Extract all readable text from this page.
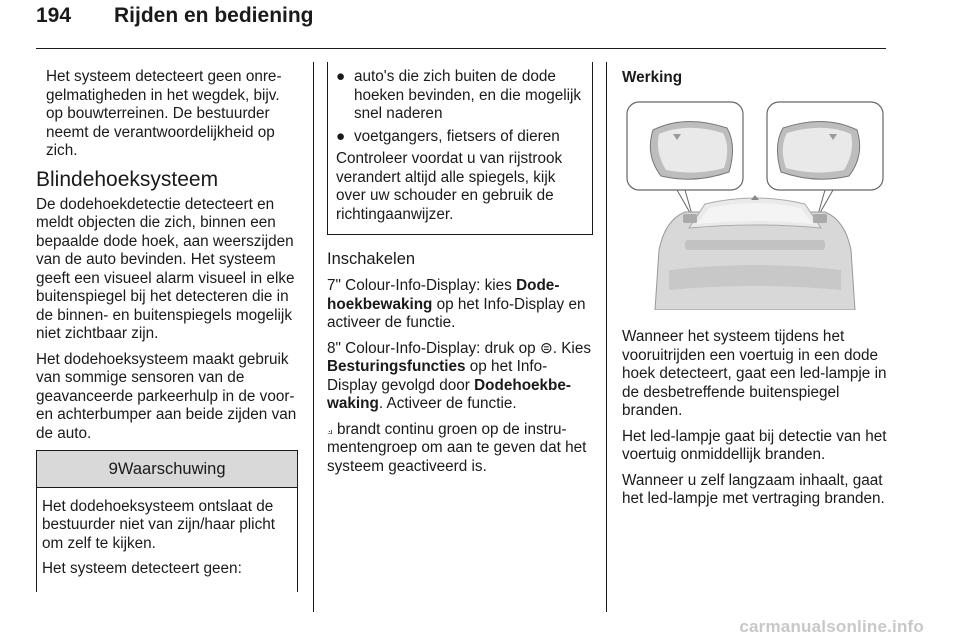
194 Rijden en bediening

Het systeem detecteert geen onregelmatigheden in het wegdek, bijv. op bouwterreinen. De bestuurder neemt de verantwoordelijkheid op zich.

Blindehoeksysteem

De dodehoekdetectie detecteert en meldt objecten die zich, binnen een bepaalde dode hoek, aan weerszijden van de auto bevinden. Het systeem geeft een visueel alarm visueel in elke buitenspiegel bij het detecteren die in de binnen- en buitenspiegels mogelijk niet zichtbaar zijn.

Het dodehoeksysteem maakt gebruik van sommige sensoren van de geavanceerde parkeerhulp in de voor- en achterbumper aan beide zijden van de auto.

9Waarschuwing

Het dodehoeksysteem ontslaat de bestuurder niet van zijn/haar plicht om zelf te kijken.

Het systeem detecteert geen:

● auto's die zich buiten de dode hoeken bevinden, en die mogelijk snel naderen
● voetgangers, fietsers of dieren

Controleer voordat u van rijstrook verandert altijd alle spiegels, kijk over uw schouder en gebruik de richtingaanwijzer.

Inschakelen

7" Colour-Info-Display: kies Dodehoekbewaking op het Info-Display en activeer de functie.

8" Colour-Info-Display: druk op ⊜. Kies Besturingsfuncties op het Info-Display gevolgd door Dodehoekbewaking. Activeer de functie.

⟓ brandt continu groen op de instrumentengroep om aan te geven dat het systeem geactiveerd is.

Werking

Wanneer het systeem tijdens het vooruitrijden een voertuig in een dode hoek detecteert, gaat een led-lampje in de desbetreffende buitenspiegel branden.

Het led-lampje gaat bij detectie van het voertuig onmiddellijk branden.

Wanneer u zelf langzaam inhaalt, gaat het led-lampje met vertraging branden.

carmanualsonline.info
